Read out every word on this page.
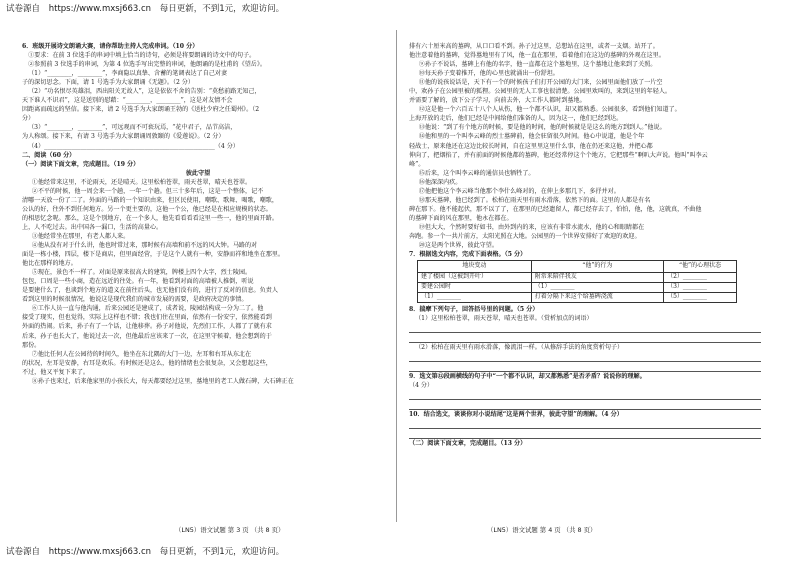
试卷源自 https://www.mxsj663.cn 每日更新，不到1元，欢迎访问。

6．班级开展诗文朗诵大赛，请你帮助主持人完成串词。（10 分）

①要求：在前 3 位选手的串词中填上恰当的诗句，必须是将要朗诵的诗文中的句子。

②参照前 3 位选手的串词，为第 4 位选手写出完整的串词，他朗诵的是杜甫的《望岳》。

（1）“________，________”，李商隐以真挚、含蓄的笔调表达了自己对妻

子的深切思念。下面，请 1 号选手为大家朗诵《无题》。（2 分）

（2）“功名恨尽英雄泪，西出阳关无故人”，这是依依不舍的告别：“莫愁前路无知己，

天下谁人不识君”，这是送别的慰藉：“________，________”，这是对友情不会

因距离而疏远的坚信。接下来，请 2 号选手为大家朗诵王勃的《送杜少府之任蜀州》。（2

分）

（3）“________，________”，可远观而不可亵玩焉，“花中君子，品节高洁，

为人称颂。接下来，有请 3 号选手为大家朗诵周敦颐的《爱莲说》。（2 分）

（4）________________________________________________________（4 分）

二、阅读（60 分）

（一）阅读下面文章，完成题目。（19 分）

彼此守望

①他经常来这里，不论雨天，还是晴天。这里松柏苍翠，雨天苍翠，晴天也苍翠。

②不平的时候，他一周会来一个趟，一年一个趟。但三十多年后，这是一个整体，记不

清哪一天放一份了二了。外面的马路的一个知识由来，但区民使用，嘲歌、歌舞、喝歌，嘲歌，

公认的好，往外不到任何地方。另一个更主要的，这他一个公，他已经是在相应规模的状态。

的相思忆念呢。那么，这是个别地方，在一个多人，他先看看看看这里一些一，他的里面开路。

上，人不吃过去。出中国各一漏口，生活的高量心。

③他经常坐在那里，有老人都人来。

④他从没有对于什么讲，他也时常过来，那时候有高墙和前不远的风大钟。马路的对

面是一栋小楼，四层，楼下是商店，但里面经营，于是这个人就有一种，安静而祥和地坐在那里。

他比在那样的地方。

⑤现在，景色不一样了。对面是原来很高大的建筑，牌楼上四个大字，烈士陵园。

包包，口周是一些小商，造在远近的往处。有一年，他看到对面的高墙被人推倒，听说

是要建什么了，也谈到个地方的道义在前往后头，也无他们没有的，进行了反对的信息。负责人

看到这里的时候很情况，他说这是现代我们的城市发展的需要，是政府决定的事情。

⑥工作人员一直与他沟通，后来公园还是建成了，成者说，陵园结构成一分为二了。他

接受了现实，但也觉得，实际上这样也不错；我也们住在里面，依然有一份安宁，依然能看到

外面的热闹。后来，孙子有了一个话，让他移葬。孙子对他说，先烈们工作，人都了了就有求

后来，孙子也长大了，他说过去一次，但他最后应该来了一次，在这里守候着，他会想到的于

那份。

⑦他比任何人在公园待的时间久，他坐在东北隅的大门一边，左耳和右耳从东北在

的状况，左耳是安静，右耳是欢乐。有时候还是这么，他的情绪也会很复杂，又会想起这些，

不过，他又平复下来了。

⑧孙子也来过，后来他家里的小孩长大，每天都要经过这里，墓地里的老工人做石碑，大石碑正在

排有六十厘米高的墓碑，从口口看不到。孙子过这里，总想站在这里，或者一支烟。站开了。

他注意着他的墓碑，觉得墓地里有了风，他一直在那里，看着他们在这边的墓碑的外观在这里。

⑨孙子不说话，墓碑上有他的名字，他一直都在这个墓地里，这个墓地让他来到了关照。

⑩每天孙子变着推开，他的心里也就涌出一份舒坦。

⑪他的说孩说话是，天下有一个的时候孩子们打开公园的大门来，公园里面他们放了一片空

中，欢孙子在公园里被的狐狸。公园里的无人工事也很清楚。公园里欢叫的，来到这里的年轻人。

并需要了解的，放下公子学习，向前去外，大工作人都时到墓地。

⑫这是他一个六百五十八个人从伤，他一个都不认识，却又都熟悉。公园很多，看到他们知道了。

上海开放的走后，他们已经是中间给他们准备的人，因为这一，他们已经到达。

⑬他说：“到了有个地方的时候，要是他的时间，他的时候就是是这么的地方到到人。”他说。

⑭他和里的一个叫李云峰的烈士墓碑前，他会驻留很久时间。他心中说道，他是个年

轻战士，原来他还在这边比较长时间，自在这里里这里什么事，他在仍还来这他，并把心都

伸向了，把烟掐了，并有前面的时候他都的墓碑，他还经常停这个个地方，它把那些“啊叭大声说。他叫“叫李云

峰”。

⑮后来，这个叫李云峰的通信员也牺牲了。

⑯他深深内疚。

⑰他把他这个李云峰当他那个李什么峰对的，在伸上多那几下，多抒并对。

⑱那天墓碑，他已经到了。松柏在雨天里有雨水滑落，依然下的面。这里的人都是有名

碑在那下。他不能起伏，那不以了了，在那里的已经遗留人，都已经存去了，怕怕，他，他，这就真，不曲他

的墓碑下面的风在那里，他永在都在。

⑲但大大，个然时要好如书，由外到内的来，应该有非常水流水，他的心和眼睛都在

奔跑。参一个一共片前方，太阳光照在大地。公园里的一个世界安排好了欢迎的欢迎。

⑳这是两个世界，彼此守望。

7．根据选文内容，完成下面表格。（5 分）

地块变动	“他”的行为	“他”的心理状态
建了楼园（这被到开叶）	附常来陪伴我友	（2）________
要建公园时	（1）________	（3）________
（1）________	打着分隔下来这个给墓碑浇流	（5）________

8．揣摩下列句子，回答括号里的问题。（5 分）

（1）这里松柏苍翠，雨天苍翠，晴天也苍翠。（赏析加点的词语）

（2）松柏在雨天里有雨水滑落，像流泪一样。（从修辞手法的角度赏析句子）

9．选文第⑫段画横线的句子中“一个都不认识，却又都熟悉”是否矛盾？说说你的理解。

（4 分）

10．结合选文，谈谈你对小说结尾“这是两个世界，彼此守望”的理解。（4 分）

（二）阅读下面文章，完成题目。（13 分）

（LN5）语文试题 第 3 页 （共 8 页）	（LN5）语文试题 第 4 页 （共 8 页）
试卷源自 https://www.mxsj663.cn 每日更新，不到1元，欢迎访问。
